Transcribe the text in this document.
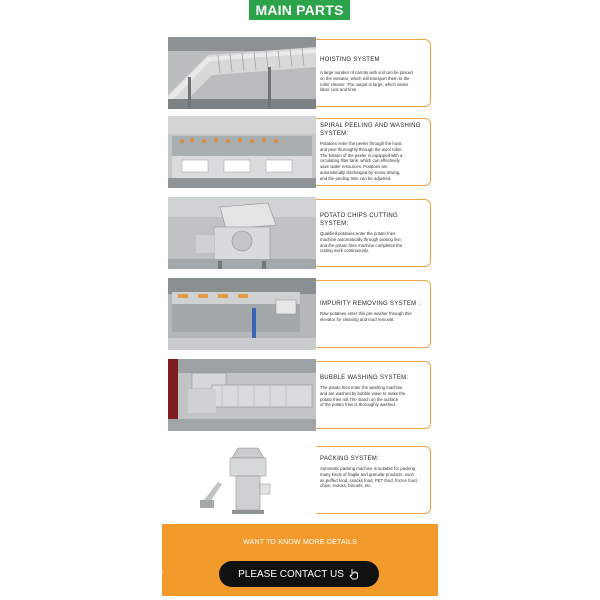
MAIN PARTS
HOISTING SYSTEM
A large number of carrots with soil can be placed
on the elevator, which will transport them to the
roller cleaner. The output is large, which saves
labor cost and time
SPIRAL PEELING AND WASHING SYSTEM:
Potatoes enter the peeler through the hoist,
and peel thoroughly through the wool roller.
The bottom of the peeler is equipped with a
circulating filter tank, which can effectively
save water resources. Potatoes are
automatically discharged by screw driving,
and the peeling time can be adjusted.
POTATO CHIPS CUTTING SYSTEM:
Qualified potatoes enter the potato fries
machine automatically through picking line,
and the potato fries machine completes the
cutting work continuously.
IMPURITY REMOVING SYSTEM :
Raw potatoes enter this pre-washer through this
elevator for cleaning and mud removal.
BUBBLE WASHING SYSTEM:
The potato fries enter the washing machine
and are washed by bubble wave to make the
potato fries roll.The starch on the surface
of the potato fries is thoroughly washed.
PACKING SYSTEM:
Automatic packing machine is suitable for packing
many kinds of fragile and granular products, such
as puffed food, snacks food, PET food, frozen food,
chips, snacks, biscuits, etc
●
WANT TO KNOW MORE DETAILS
PLEASE CONTACT US
